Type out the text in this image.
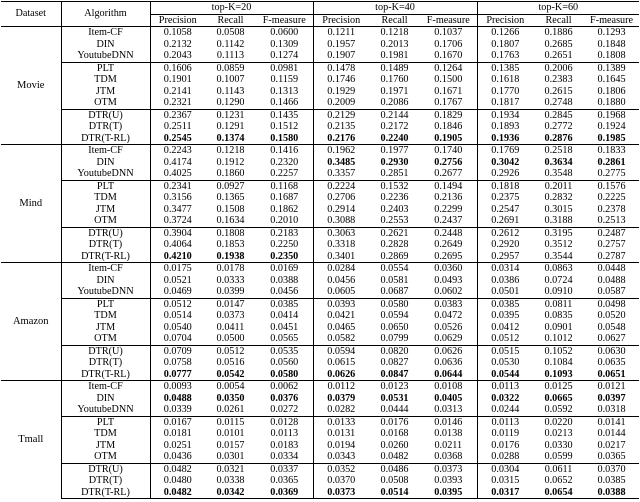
Dataset	Algorithm	top-K=20			top-K=40			top-K=60		
		Precision	Recall	F-measure	Precision	Recall	F-measure	Precision	Recall	F-measure
Movie	Item-CF	0.1058	0.0508	0.0600	0.1211	0.1218	0.1037	0.1266	0.1886	0.1293
	DIN	0.2132	0.1142	0.1309	0.1957	0.2013	0.1706	0.1807	0.2685	0.1848
	YoutubeDNN	0.2043	0.1113	0.1274	0.1907	0.1981	0.1670	0.1763	0.2651	0.1808
	PLT	0.1606	0.0859	0.0981	0.1478	0.1489	0.1264	0.1385	0.2006	0.1389
	TDM	0.1901	0.1007	0.1159	0.1746	0.1760	0.1500	0.1618	0.2383	0.1645
	JTM	0.2141	0.1143	0.1313	0.1929	0.1971	0.1671	0.1770	0.2615	0.1806
	OTM	0.2321	0.1290	0.1466	0.2009	0.2086	0.1767	0.1817	0.2748	0.1880
	DTR(U)	0.2367	0.1231	0.1435	0.2129	0.2144	0.1829	0.1934	0.2845	0.1968
	DTR(T)	0.2511	0.1291	0.1512	0.2135	0.2172	0.1846	0.1893	0.2772	0.1924
	DTR(T-RL)	0.2545	0.1374	0.1580	0.2176	0.2240	0.1905	0.1936	0.2876	0.1985
Mind	Item-CF	0.2243	0.1218	0.1416	0.1962	0.1977	0.1740	0.1769	0.2518	0.1833
	DIN	0.4174	0.1912	0.2320	0.3485	0.2930	0.2756	0.3042	0.3634	0.2861
	YoutubeDNN	0.4025	0.1860	0.2257	0.3357	0.2851	0.2677	0.2926	0.3548	0.2775
	PLT	0.2341	0.0927	0.1168	0.2224	0.1532	0.1494	0.1818	0.2011	0.1576
	TDM	0.3156	0.1365	0.1687	0.2706	0.2236	0.2136	0.2375	0.2832	0.2225
	JTM	0.3477	0.1508	0.1862	0.2914	0.2403	0.2299	0.2547	0.3015	0.2378
	OTM	0.3724	0.1634	0.2010	0.3088	0.2553	0.2437	0.2691	0.3188	0.2513
	DTR(U)	0.3904	0.1808	0.2183	0.3063	0.2621	0.2448	0.2612	0.3195	0.2487
	DTR(T)	0.4064	0.1853	0.2250	0.3318	0.2828	0.2649	0.2920	0.3512	0.2757
	DTR(T-RL)	0.4210	0.1938	0.2350	0.3401	0.2869	0.2695	0.2957	0.3544	0.2787
Amazon	Item-CF	0.0175	0.0178	0.0169	0.0284	0.0554	0.0360	0.0314	0.0863	0.0448
	DIN	0.0521	0.0333	0.0388	0.0456	0.0581	0.0493	0.0386	0.0724	0.0488
	YoutubeDNN	0.0469	0.0399	0.0456	0.0605	0.0687	0.0602	0.0501	0.0910	0.0587
	PLT	0.0512	0.0147	0.0385	0.0393	0.0580	0.0383	0.0385	0.0811	0.0498
	TDM	0.0514	0.0373	0.0414	0.0421	0.0594	0.0472	0.0395	0.0835	0.0520
	JTM	0.0540	0.0411	0.0451	0.0465	0.0650	0.0526	0.0412	0.0901	0.0548
	OTM	0.0704	0.0500	0.0565	0.0582	0.0799	0.0629	0.0512	0.1012	0.0627
	DTR(U)	0.0709	0.0512	0.0535	0.0594	0.0820	0.0626	0.0515	0.1052	0.0630
	DTR(T)	0.0758	0.0516	0.0560	0.0615	0.0827	0.0636	0.0530	0.1084	0.0635
	DTR(T-RL)	0.0777	0.0542	0.0580	0.0626	0.0847	0.0644	0.0544	0.1093	0.0651
Tmall	Item-CF	0.0093	0.0054	0.0062	0.0112	0.0123	0.0108	0.0113	0.0125	0.0121
	DIN	0.0488	0.0350	0.0376	0.0379	0.0531	0.0405	0.0322	0.0665	0.0397
	YoutubeDNN	0.0339	0.0261	0.0272	0.0282	0.0444	0.0313	0.0244	0.0592	0.0318
	PLT	0.0167	0.0115	0.0128	0.0133	0.0176	0.0146	0.0113	0.0220	0.0141
	TDM	0.0181	0.0101	0.0113	0.0131	0.0168	0.0138	0.0119	0.0213	0.0144
	JTM	0.0251	0.0157	0.0183	0.0194	0.0260	0.0211	0.0176	0.0330	0.0217
	OTM	0.0436	0.0301	0.0334	0.0343	0.0482	0.0368	0.0288	0.0599	0.0365
	DTR(U)	0.0482	0.0321	0.0337	0.0352	0.0486	0.0373	0.0304	0.0611	0.0370
	DTR(T)	0.0480	0.0338	0.0365	0.0370	0.0508	0.0393	0.0315	0.0652	0.0385
	DTR(T-RL)	0.0482	0.0342	0.0369	0.0373	0.0514	0.0395	0.0317	0.0654	0.0388
